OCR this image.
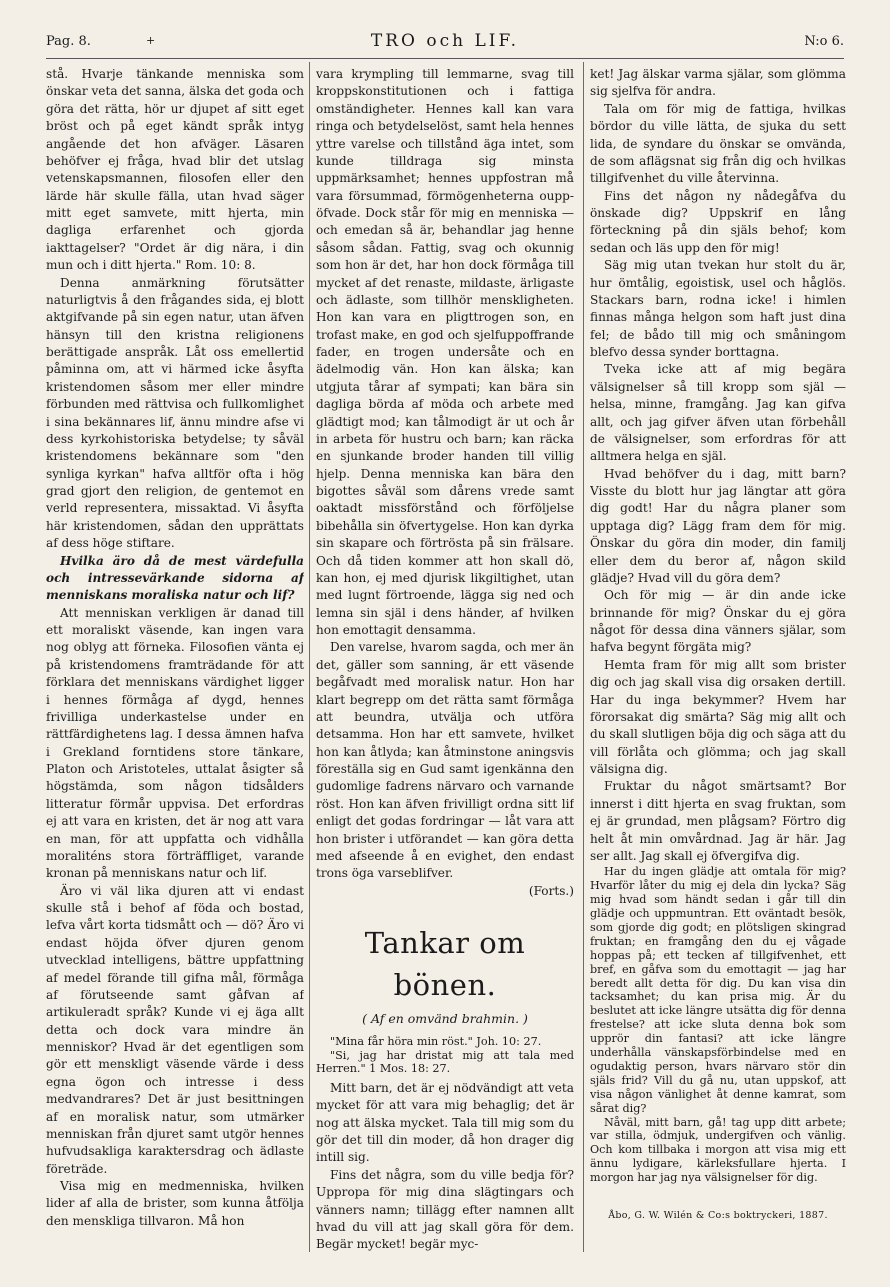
Pag. 8.	+	TRO och LIF.	N:o 6.

stå. Hvarje tänkande menniska som önskar veta det sanna, älska det goda och göra det rätta, hör ur djupet af sitt eget bröst och på eget kändt språk intyg angående det hon afväger. Läsaren behöfver ej fråga, hvad blir det utslag vetenskapsmannen, filosofen eller den lärde här skulle fälla, utan hvad säger mitt eget samvete, mitt hjerta, min dagliga erfarenhet och gjorda iakttagelser? "Ordet är dig nära, i din mun och i ditt hjerta." Rom. 10: 8.

Denna anmärkning förutsätter naturligtvis å den frågandes sida, ej blott aktgifvande på sin egen natur, utan äfven hänsyn till den kristna religionens berättigade anspråk. Låt oss emellertid påminna om, att vi härmed icke åsyfta kristendomen såsom mer eller mindre förbunden med rättvisa och fullkomlighet i sina bekännares lif, ännu mindre afse vi dess kyrkohistoriska betydelse; ty såväl kristendomens bekännare som "den synliga kyrkan" hafva alltför ofta i hög grad gjort den religion, de gentemot en verld representera, missaktad. Vi åsyfta här kristendomen, sådan den upprättats af dess höge stiftare.

Hvilka äro då de mest värdefulla och intressevärkande sidorna af menniskans moraliska natur och lif?

Att menniskan verkligen är danad till ett moraliskt väsende, kan ingen vara nog oblyg att förneka. Filosofien vänta ej på kristendomens framträdande för att förklara det menniskans värdighet ligger i hennes förmåga af dygd, hennes frivilliga underkastelse under en rättfärdighetens lag. I dessa ämnen hafva i Grekland forntidens store tänkare, Platon och Aristoteles, uttalat åsigter så högstämda, som någon tidsålders litteratur förmår uppvisa. Det erfordras ej att vara en kristen, det är nog att vara en man, för att uppfatta och vidhålla moraliténs stora förträffliget, varande kronan på menniskans natur och lif.

Äro vi väl lika djuren att vi endast skulle stå i behof af föda och bostad, lefva vårt korta tidsmått och — dö? Äro vi endast höjda öfver djuren genom utvecklad intelligens, bättre uppfattning af medel förande till gifna mål, förmåga af förutseende samt gåfvan af artikuleradt språk? Kunde vi ej äga allt detta och dock vara mindre än menniskor? Hvad är det egentligen som gör ett menskligt väsende värde i dess egna ögon och intresse i dess medvandrares? Det är just besittningen af en moralisk natur, som utmärker menniskan från djuret samt utgör hennes hufvudsakliga karaktersdrag och ädlaste företräde.

Visa mig en medmenniska, hvilken lider af alla de brister, som kunna åtfölja den menskliga tillvaron. Må hon

vara krympling till lemmarne, svag till kroppskonstitutionen och i fattiga omständigheter. Hennes kall kan vara ringa och betydelselöst, samt hela hennes yttre varelse och tillstånd äga intet, som kunde tilldraga sig minsta uppmärksamhet; hennes uppfostran må vara försummad, förmögenheterna oupp-öfvade. Dock står för mig en menniska — och emedan så är, behandlar jag henne såsom sådan. Fattig, svag och okunnig som hon är det, har hon dock förmåga till mycket af det renaste, mildaste, ärligaste och ädlaste, som tillhör menskligheten. Hon kan vara en pligttrogen son, en trofast make, en god och sjelfuppoffrande fader, en trogen undersåte och en ädelmodig vän. Hon kan älska; kan utgjuta tårar af sympati; kan bära sin dagliga börda af möda och arbete med glädtigt mod; kan tålmodigt är ut och år in arbeta för hustru och barn; kan räcka en sjunkande broder handen till villig hjelp. Denna menniska kan bära den bigottes såväl som dårens vrede samt oaktadt missförstånd och förföljelse bibehålla sin öfvertygelse. Hon kan dyrka sin skapare och förtrösta på sin frälsare. Och då tiden kommer att hon skall dö, kan hon, ej med djurisk likgiltighet, utan med lugnt förtroende, lägga sig ned och lemna sin själ i dens händer, af hvilken hon emottagit densamma.

Den varelse, hvarom sagda, och mer än det, gäller som sanning, är ett väsende begåfvadt med moralisk natur. Hon har klart begrepp om det rätta samt förmåga att beundra, utvälja och utföra detsamma. Hon har ett samvete, hvilket hon kan åtlyda; kan åtminstone aningsvis föreställa sig en Gud samt igenkänna den gudomlige fadrens närvaro och varnande röst. Hon kan äfven frivilligt ordna sitt lif enligt det godas fordringar — låt vara att hon brister i utförandet — kan göra detta med afseende å en evighet, den endast trons öga varseblifver.

(Forts.)

Tankar om bönen.
( Af en omvänd brahmin. )

"Mina får höra min röst." Joh. 10: 27.

"Si, jag har dristat mig att tala med Herren." 1 Mos. 18: 27.

Mitt barn, det är ej nödvändigt att veta mycket för att vara mig behaglig; det är nog att älska mycket. Tala till mig som du gör det till din moder, då hon drager dig intill sig.

Fins det några, som du ville bedja för? Uppropa för mig dina slägtingars och vänners namn; tillägg efter namnen allt hvad du vill att jag skall göra för dem. Begär mycket! begär myc-

ket! Jag älskar varma själar, som glömma sig sjelfva för andra.

Tala om för mig de fattiga, hvilkas bördor du ville lätta, de sjuka du sett lida, de syndare du önskar se omvända, de som aflägsnat sig från dig och hvilkas tillgifvenhet du ville återvinna.

Fins det någon ny nådegåfva du önskade dig? Uppskrif en lång förteckning på din själs behof; kom sedan och läs upp den för mig!

Säg mig utan tvekan hur stolt du är, hur ömtålig, egoistisk, usel och håglös. Stackars barn, rodna icke! i himlen finnas många helgon som haft just dina fel; de bådo till mig och småningom blefvo dessa synder borttagna.

Tveka icke att af mig begära välsignelser så till kropp som själ — helsa, minne, framgång. Jag kan gifva allt, och jag gifver äfven utan förbehåll de välsignelser, som erfordras för att alltmera helga en själ.

Hvad behöfver du i dag, mitt barn? Visste du blott hur jag längtar att göra dig godt! Har du några planer som upptaga dig? Lägg fram dem för mig. Önskar du göra din moder, din familj eller dem du beror af, någon skild glädje? Hvad vill du göra dem?

Och för mig — är din ande icke brinnande för mig? Önskar du ej göra något för dessa dina vänners själar, som hafva begynt förgäta mig?

Hemta fram för mig allt som brister dig och jag skall visa dig orsaken dertill. Har du inga bekymmer? Hvem har förorsakat dig smärta? Säg mig allt och du skall slutligen böja dig och säga att du vill förlåta och glömma; och jag skall välsigna dig.

Fruktar du något smärtsamt? Bor innerst i ditt hjerta en svag fruktan, som ej är grundad, men plågsam? Förtro dig helt åt min omvårdnad. Jag är här. Jag ser allt. Jag skall ej öfvergifva dig.

Har du ingen glädje att omtala för mig? Hvarför låter du mig ej dela din lycka? Säg mig hvad som händt sedan i går till din glädje och uppmuntran. Ett oväntadt besök, som gjorde dig godt; en plötsligen skingrad fruktan; en framgång den du ej vågade hoppas på; ett tecken af tillgifvenhet, ett bref, en gåfva som du emottagit — jag har beredt allt detta för dig. Du kan visa din tacksamhet; du kan prisa mig. Är du beslutet att icke längre utsätta dig för denna frestelse? att icke sluta denna bok som upprör din fantasi? att icke längre underhålla vänskapsförbindelse med en ogudaktig person, hvars närvaro stör din själs frid? Vill du gå nu, utan uppskof, att visa någon vänlighet åt denne kamrat, som sårat dig?

Nåväl, mitt barn, gå! tag upp ditt arbete; var stilla, ödmjuk, undergifven och vänlig. Och kom tillbaka i morgon att visa mig ett ännu lydigare, kärleksfullare hjerta. I morgon har jag nya välsignelser för dig.

Åbo, G. W. Wilén & Co:s boktryckeri, 1887.
